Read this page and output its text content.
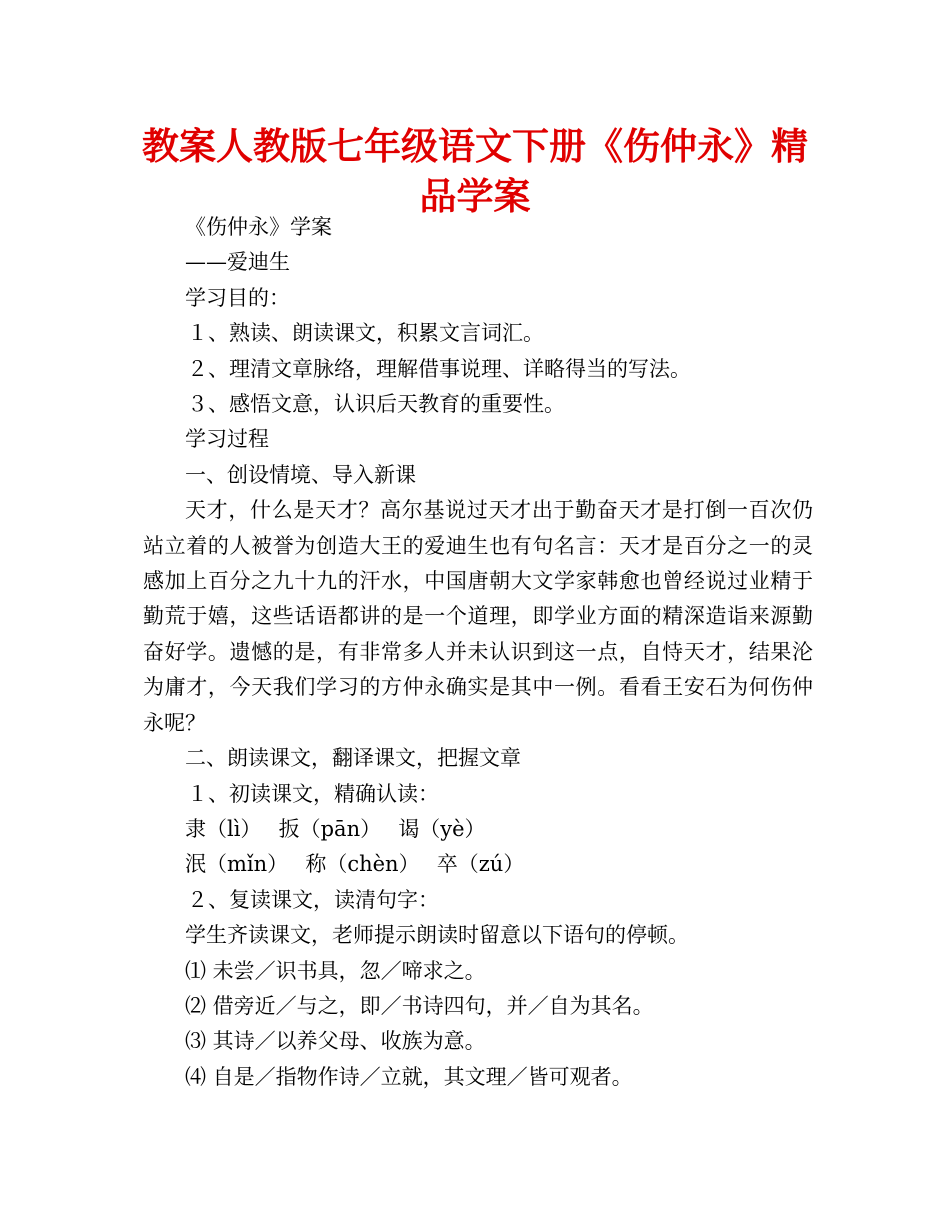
教案人教版七年级语文下册《伤仲永》精品学案
《伤仲永》学案
——爱迪生
学习目的：
１、熟读、朗读课文，积累文言词汇。
２、理清文章脉络，理解借事说理、详略得当的写法。
３、感悟文意，认识后天教育的重要性。
学习过程
一、创设情境、导入新课
天才，什么是天才？高尔基说过天才出于勤奋天才是打倒一百次仍站立着的人被誉为创造大王的爱迪生也有句名言：天才是百分之一的灵感加上百分之九十九的汗水，中国唐朝大文学家韩愈也曾经说过业精于勤荒于嬉，这些话语都讲的是一个道理，即学业方面的精深造诣来源勤奋好学。遗憾的是，有非常多人并未认识到这一点，自恃天才，结果沦为庸才，今天我们学习的方仲永确实是其中一例。看看王安石为何伤仲永呢？
二、朗读课文，翻译课文，把握文章
１、初读课文，精确认读：
隶（lì）　 扳（pān）　 谒（yè）
泯（mǐn）　 称（chèn）　 卒（zú）
２、复读课文，读清句字：
学生齐读课文，老师提示朗读时留意以下语句的停顿。
⑴ 未尝／识书具，忽／啼求之。
⑵ 借旁近／与之，即／书诗四句，并／自为其名。
⑶ 其诗／以养父母、收族为意。
⑷ 自是／指物作诗／立就，其文理／皆可观者。
